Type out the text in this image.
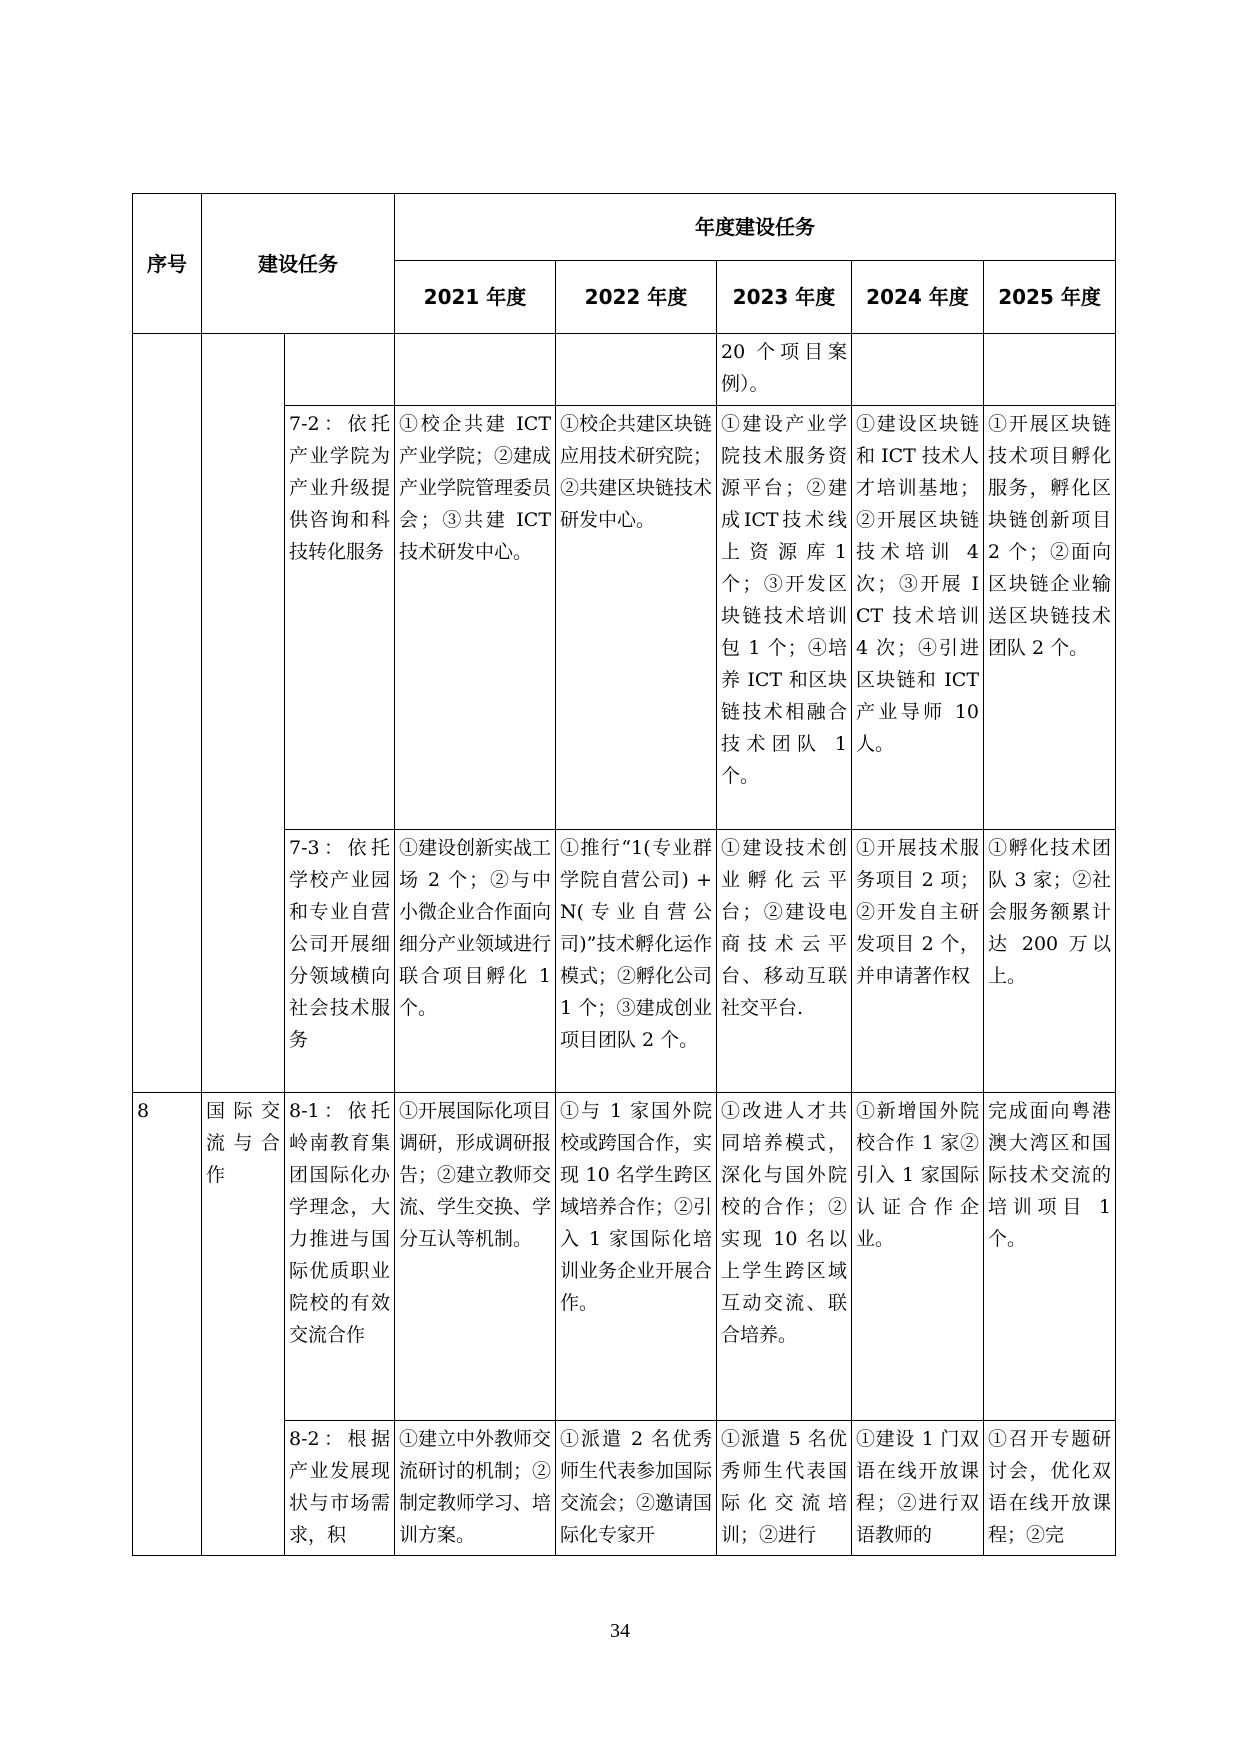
序号	建设任务		年度建设任务				
			2021 年度	2022 年度	2023 年度	2024 年度	2025 年度
					20 个项目案例）。		
		7-2：依托产业学院为产业升级提供咨询和科技转化服务	①校企共建 ICT 产业学院；②建成产业学院管理委员会；③共建 ICT 技术研发中心。	①校企共建区块链应用技术研究院；②共建区块链技术研发中心。	①建设产业学院技术服务资源平台；②建成ICT技术线上资源库1个；③开发区块链技术培训包 1 个；④培养 ICT 和区块链技术相融合技术团队 1 个。	①建设区块链和 ICT 技术人才培训基地；②开展区块链技术培训 4 次；③开展 ICT 技术培训 4 次；④引进区块链和 ICT 产业导师 10 人。	①开展区块链技术项目孵化服务，孵化区块链创新项目 2 个；②面向区块链企业输送区块链技术团队 2 个。
		7-3：依托学校产业园和专业自营公司开展细分领域横向社会技术服务	①建设创新实战工场 2 个；②与中小微企业合作面向细分产业领域进行联合项目孵化 1 个。	①推行“1(专业群学院自营公司) +N(专业自营公司)”技术孵化运作模式；②孵化公司 1 个；③建成创业项目团队 2 个。	①建设技术创业孵化云平台；②建设电商技术云平台、移动互联社交平台.	①开展技术服务项目 2 项；②开发自主研发项目 2 个，并申请著作权	①孵化技术团队 3 家；②社会服务额累计达 200 万以上。
8	国际交流与合作	8-1：依托岭南教育集团国际化办学理念，大力推进与国际优质职业院校的有效交流合作	①开展国际化项目调研，形成调研报告；②建立教师交流、学生交换、学分互认等机制。	①与 1 家国外院校或跨国合作，实现 10 名学生跨区域培养合作；②引入 1 家国际化培训业务企业开展合作。	①改进人才共同培养模式，深化与国外院校的合作；②实现 10 名以上学生跨区域互动交流、联合培养。	①新增国外院校合作 1 家②引入 1 家国际认证合作企业。	完成面向粤港澳大湾区和国际技术交流的培训项目 1 个。
		8-2：根据产业发展现状与市场需求，积	①建立中外教师交流研讨的机制；②制定教师学习、培训方案。	①派遣 2 名优秀师生代表参加国际交流会；②邀请国际化专家开	①派遣 5 名优秀师生代表国际化交流培训；②进行	①建设 1 门双语在线开放课程；②进行双语教师的	①召开专题研讨会，优化双语在线开放课程；②完
34
